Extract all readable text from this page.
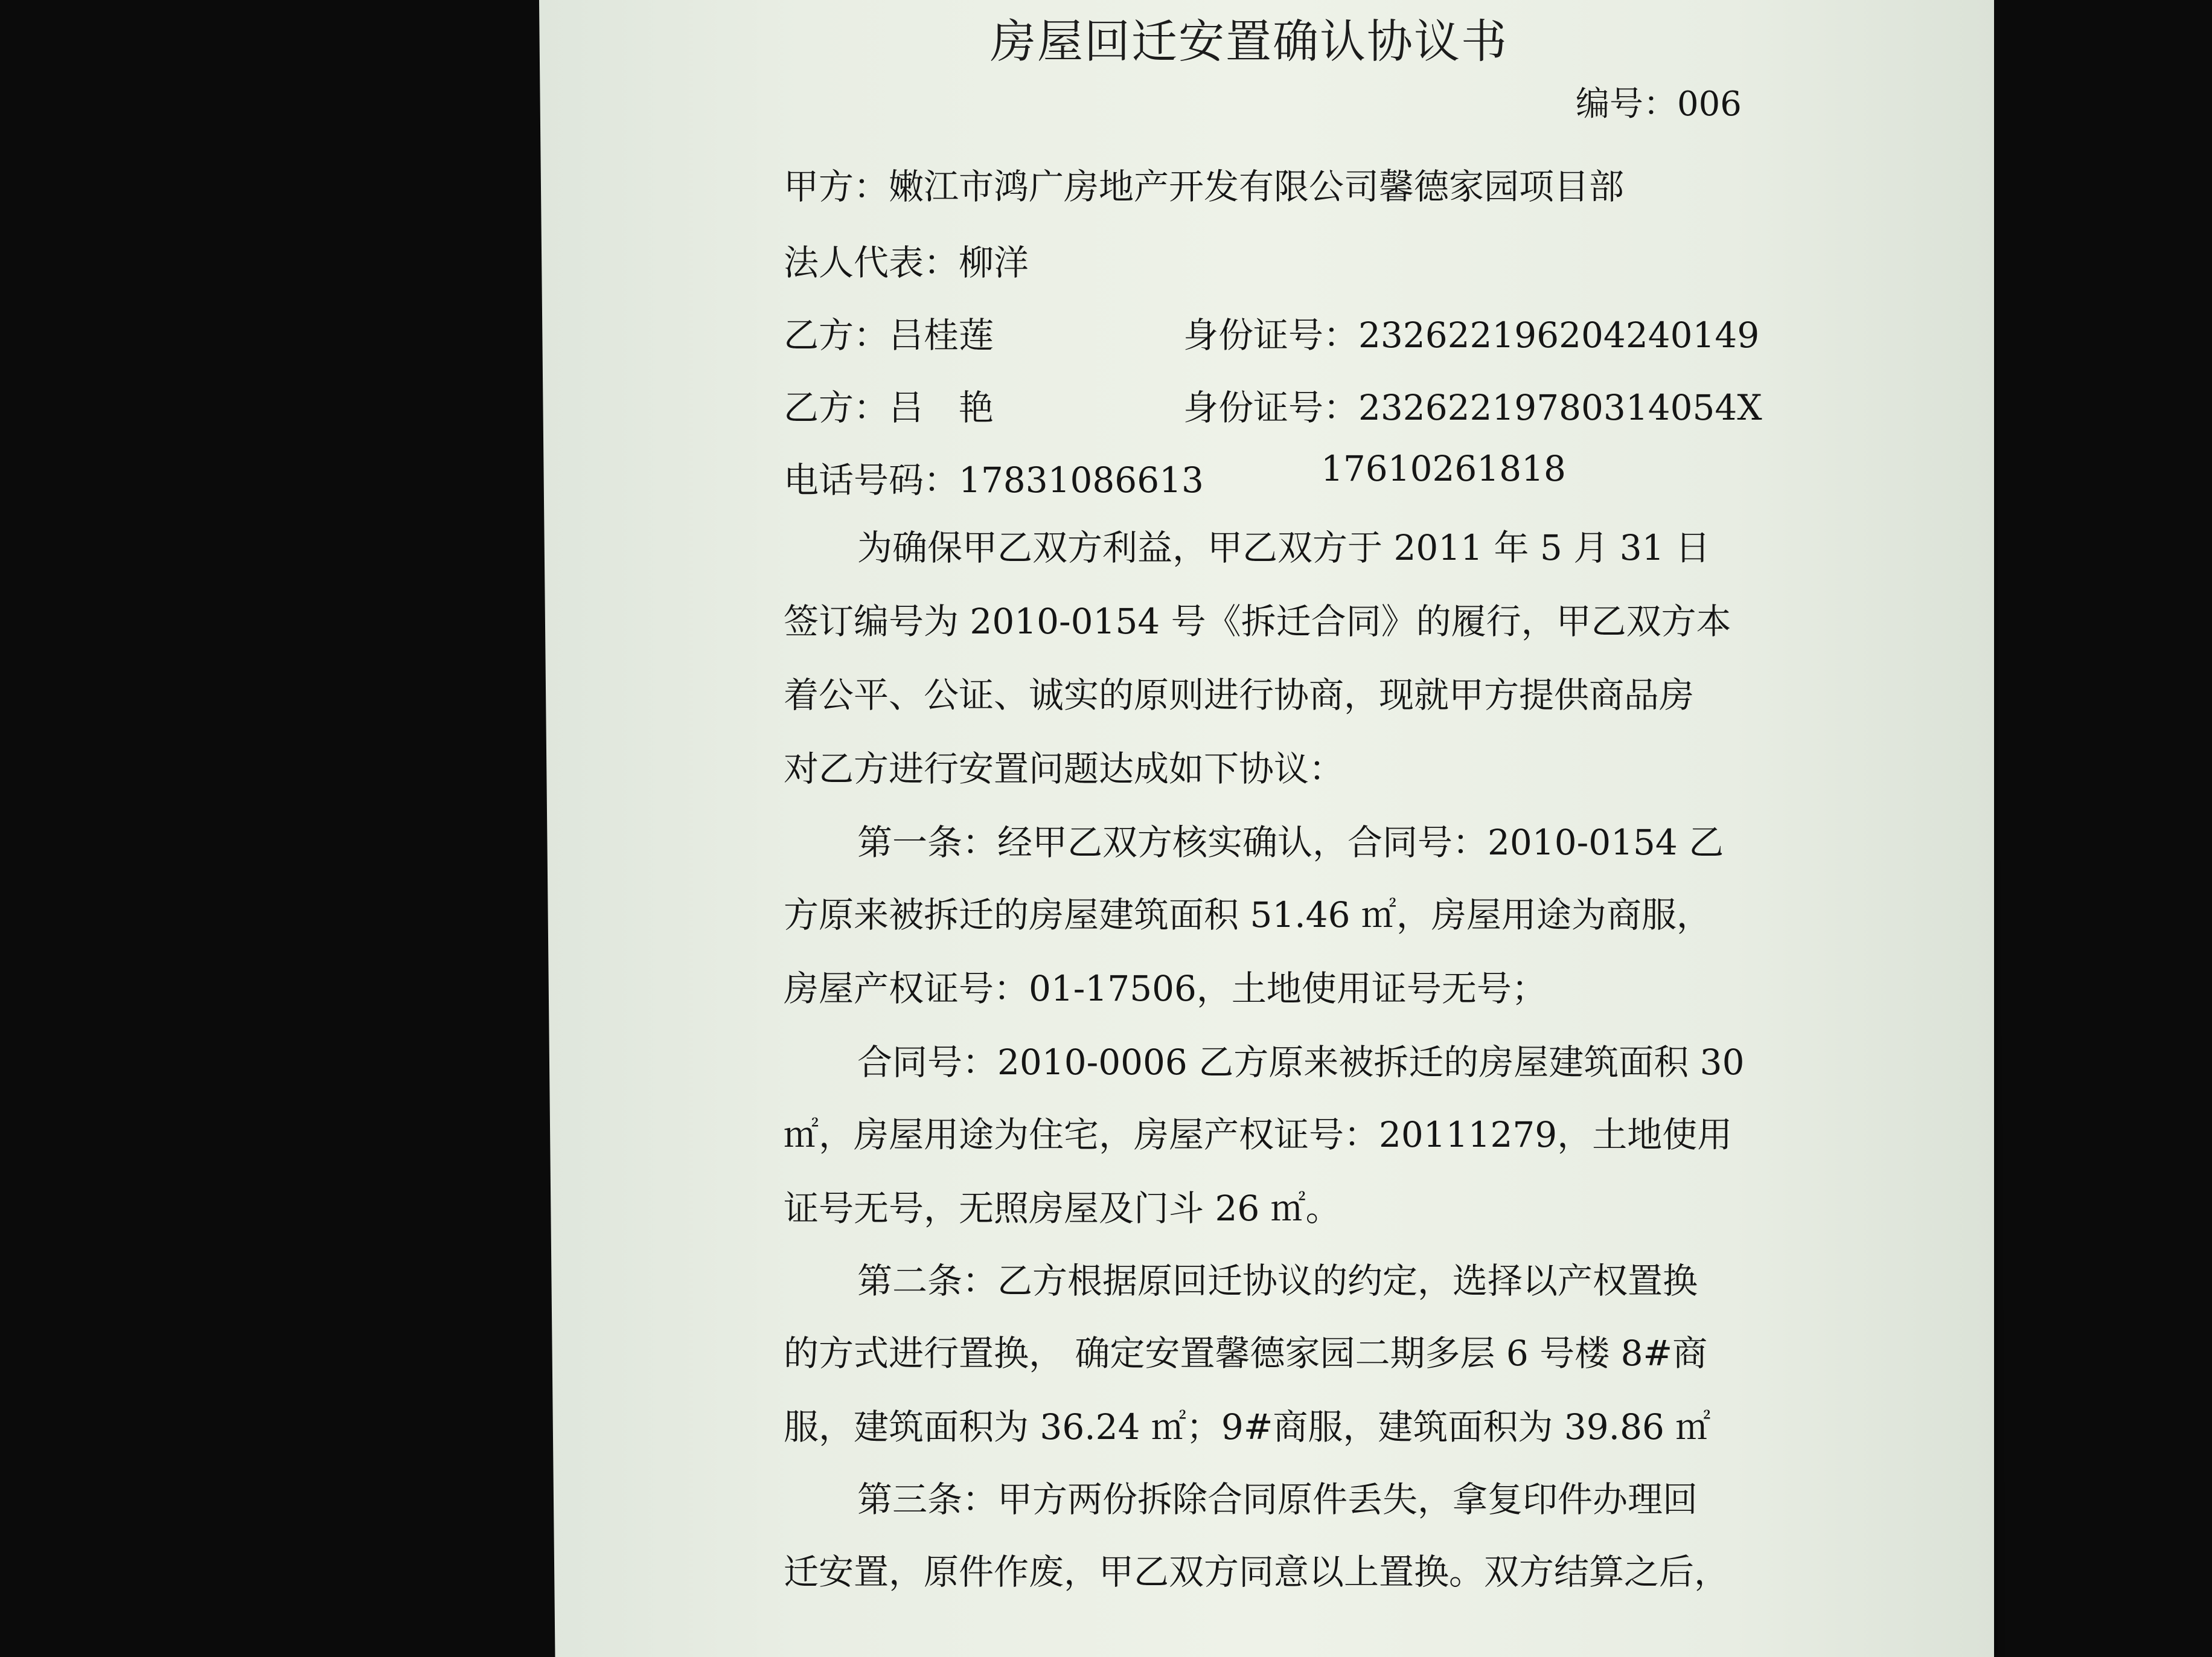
房屋回迁安置确认协议书
编号：006
甲方：嫩江市鸿广房地产开发有限公司馨德家园项目部
法人代表：柳洋
乙方：吕桂莲	身份证号：232622196204240149
乙方：吕　艳	身份证号：23262219780314054X
电话号码：17831086613	17610261818
为确保甲乙双方利益，甲乙双方于 2011 年 5 月 31 日
签订编号为 2010-0154 号《拆迁合同》的履行，甲乙双方本
着公平、公证、诚实的原则进行协商，现就甲方提供商品房
对乙方进行安置问题达成如下协议：
第一条：经甲乙双方核实确认，合同号：2010-0154 乙
方原来被拆迁的房屋建筑面积 51.46 ㎡，房屋用途为商服，
房屋产权证号：01-17506，土地使用证号无号；
合同号：2010-0006 乙方原来被拆迁的房屋建筑面积 30
㎡，房屋用途为住宅，房屋产权证号：20111279，土地使用
证号无号，无照房屋及门斗 26 ㎡。
第二条：乙方根据原回迁协议的约定，选择以产权置换
的方式进行置换， 确定安置馨德家园二期多层 6 号楼 8#商
服，建筑面积为 36.24 ㎡；9#商服，建筑面积为 39.86 ㎡
第三条：甲方两份拆除合同原件丢失，拿复印件办理回
迁安置，原件作废，甲乙双方同意以上置换。双方结算之后，
